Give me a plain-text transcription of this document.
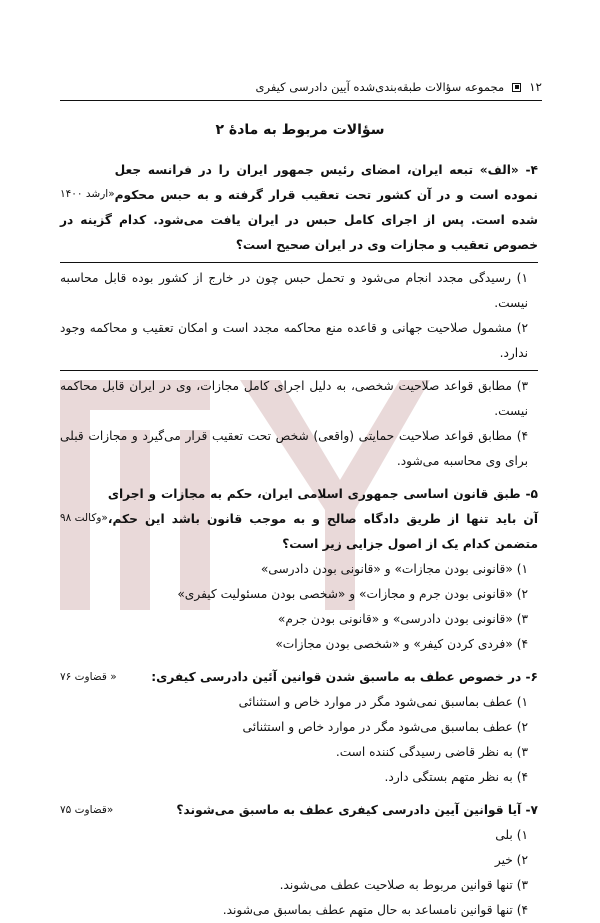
۱۲
مجموعه سؤالات طبقه‌بندی‌شده آیین دادرسی کیفری
سؤالات مربوط به مادهٔ ۲
«ارشد ۱۴۰۰
۴- «الف» تبعه ایران، امضای رئیس جمهور ایران را در فرانسه جعل نموده است و در آن کشور تحت تعقیب قرار گرفته و به حبس محکوم شده است. پس از اجرای کامل حبس در ایران یافت می‌شود. کدام گزینه در خصوص تعقیب و مجازات وی در ایران صحیح است؟
۱) رسیدگی مجدد انجام می‌شود و تحمل حبس چون در خارج از کشور بوده قابل محاسبه نیست.
۲) مشمول صلاحیت جهانی و قاعده منع محاکمه مجدد است و امکان تعقیب و محاکمه وجود ندارد.
۳) مطابق قواعد صلاحیت شخصی، به دلیل اجرای کامل مجازات، وی در ایران قابل محاکمه نیست.
۴) مطابق قواعد صلاحیت حمایتی (واقعی) شخص تحت تعقیب قرار می‌گیرد و مجازات قبلی برای وی محاسبه می‌شود.
«وکالت ۹۸
۵- طبق قانون اساسی جمهوری اسلامی ایران، حکم به مجازات و اجرای آن باید تنها از طریق دادگاه صالح و به موجب قانون باشد این حکم، متضمن کدام یک از اصول جزایی زیر است؟
۱) «قانونی بودن مجازات» و «قانونی بودن دادرسی»
۲) «قانونی بودن جرم و مجازات» و «شخصی بودن مسئولیت کیفری»
۳) «قانونی بودن دادرسی» و «قانونی بودن جرم»
۴) «فردی کردن کیفر» و «شخصی بودن مجازات»
« قضاوت ۷۶	۶- در خصوص عطف به ماسبق شدن قوانین آئین دادرسی کیفری:
۱) عطف بماسبق نمی‌شود مگر در موارد خاص و استثنائی
۲) عطف بماسبق می‌شود مگر در موارد خاص و استثنائی
۳) به نظر قاضی رسیدگی کننده است.
۴) به نظر متهم بستگی دارد.
«قضاوت ۷۵	۷- آیا قوانین آیین دادرسی کیفری عطف به ماسبق می‌شوند؟
۱) بلی
۲) خیر
۳) تنها قوانین مربوط به صلاحیت عطف می‌شوند.
۴) تنها قوانین نامساعد به حال متهم عطف بماسبق می‌شوند.
